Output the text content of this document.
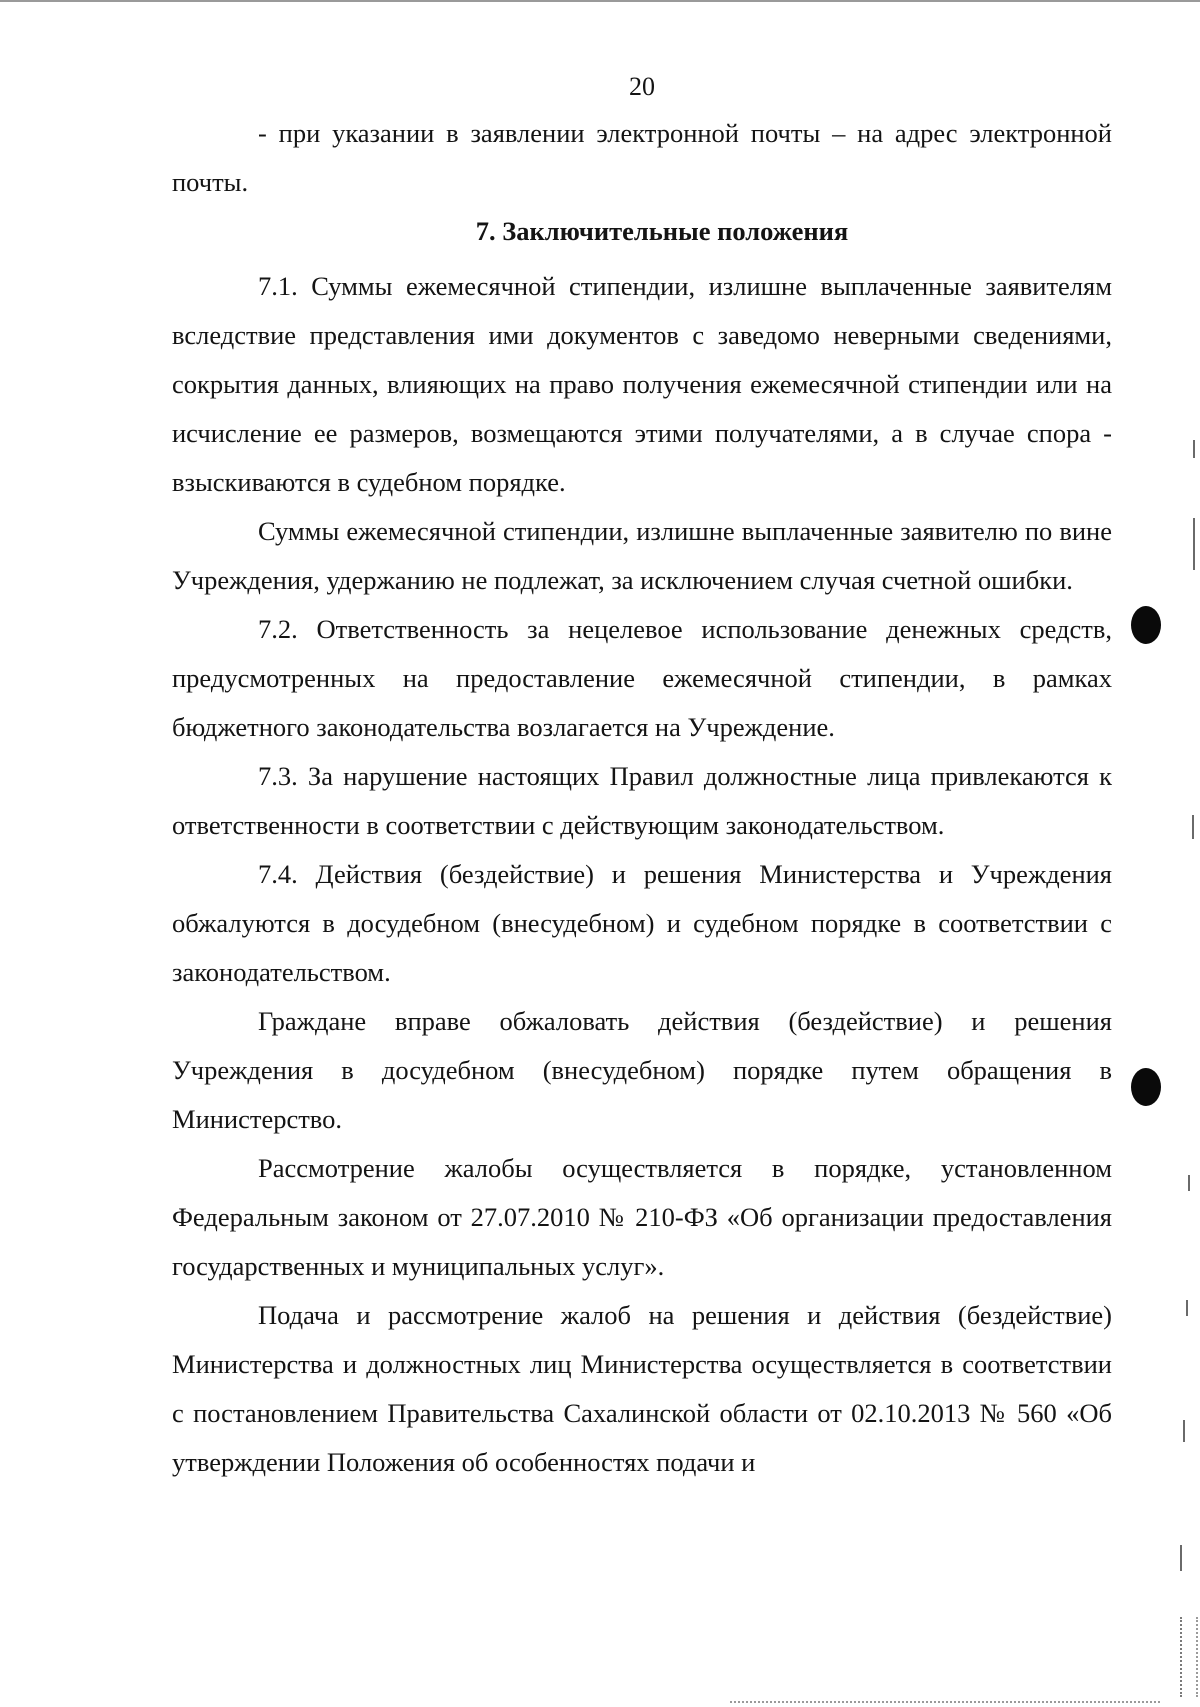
20

- при указании в заявлении электронной почты – на адрес электронной почты.

7. Заключительные положения

7.1. Суммы ежемесячной стипендии, излишне выплаченные заявителям вследствие представления ими документов с заведомо неверными сведениями, сокрытия данных, влияющих на право получения ежемесячной стипендии или на исчисление ее размеров, возмещаются этими получателями, а в случае спора - взыскиваются в судебном порядке.

Суммы ежемесячной стипендии, излишне выплаченные заявителю по вине Учреждения, удержанию не подлежат, за исключением случая счетной ошибки.

7.2. Ответственность за нецелевое использование денежных средств, предусмотренных на предоставление ежемесячной стипендии, в рамках бюджетного законодательства возлагается на Учреждение.

7.3. За нарушение настоящих Правил должностные лица привлекаются к ответственности в соответствии с действующим законодательством.

7.4. Действия (бездействие) и решения Министерства и Учреждения обжалуются в досудебном (внесудебном) и судебном порядке в соответствии с законодательством.

Граждане вправе обжаловать действия (бездействие) и решения Учреждения в досудебном (внесудебном) порядке путем обращения в Министерство.

Рассмотрение жалобы осуществляется в порядке, установленном Федеральным законом от 27.07.2010 № 210-ФЗ «Об организации предоставления государственных и муниципальных услуг».

Подача и рассмотрение жалоб на решения и действия (бездействие) Министерства и должностных лиц Министерства осуществляется в соответствии с постановлением Правительства Сахалинской области от 02.10.2013 № 560 «Об утверждении Положения об особенностях подачи и
